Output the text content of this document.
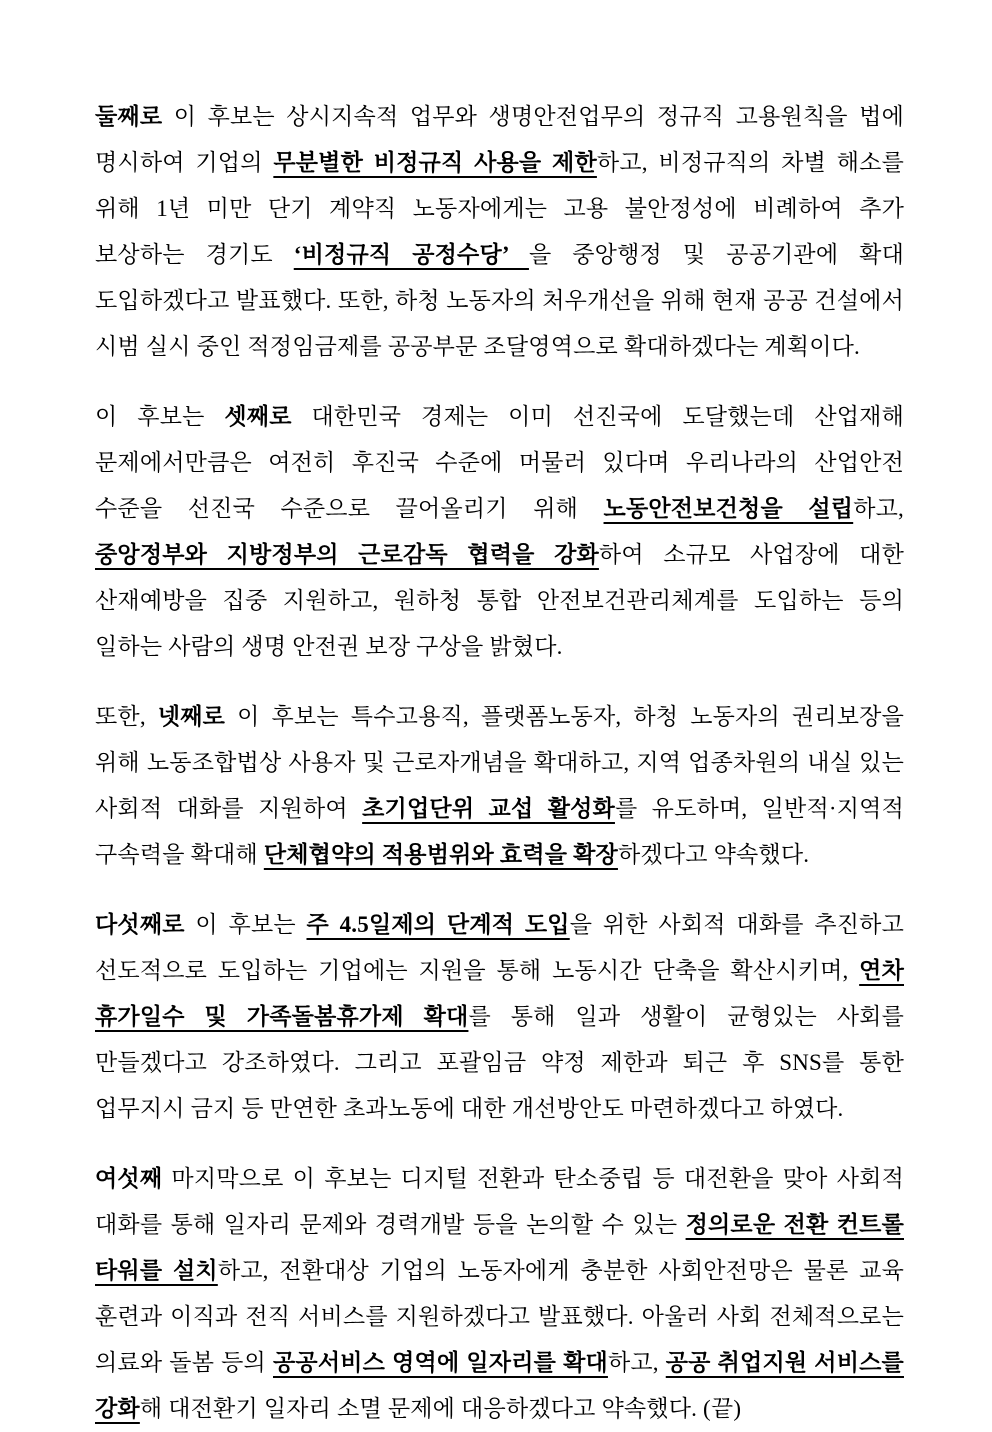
둘째로 이 후보는 상시지속적 업무와 생명안전업무의 정규직 고용원칙을 법에 명시하여 기업의 무분별한 비정규직 사용을 제한하고, 비정규직의 차별 해소를 위해 1년 미만 단기 계약직 노동자에게는 고용 불안정성에 비례하여 추가 보상하는 경기도 ‘비정규직 공정수당’ 을 중앙행정 및 공공기관에 확대 도입하겠다고 발표했다. 또한, 하청 노동자의 처우개선을 위해 현재 공공 건설에서 시범 실시 중인 적정임금제를 공공부문 조달영역으로 확대하겠다는 계획이다.

이 후보는 셋째로 대한민국 경제는 이미 선진국에 도달했는데 산업재해 문제에서만큼은 여전히 후진국 수준에 머물러 있다며 우리나라의 산업안전 수준을 선진국 수준으로 끌어올리기 위해 노동안전보건청을 설립하고, 중앙정부와 지방정부의 근로감독 협력을 강화하여 소규모 사업장에 대한 산재예방을 집중 지원하고, 원하청 통합 안전보건관리체계를 도입하는 등의 일하는 사람의 생명 안전권 보장 구상을 밝혔다.

또한, 넷째로 이 후보는 특수고용직, 플랫폼노동자, 하청 노동자의 권리보장을 위해 노동조합법상 사용자 및 근로자개념을 확대하고, 지역 업종차원의 내실 있는 사회적 대화를 지원하여 초기업단위 교섭 활성화를 유도하며, 일반적·지역적 구속력을 확대해 단체협약의 적용범위와 효력을 확장하겠다고 약속했다.

다섯째로 이 후보는 주 4.5일제의 단계적 도입을 위한 사회적 대화를 추진하고 선도적으로 도입하는 기업에는 지원을 통해 노동시간 단축을 확산시키며, 연차 휴가일수 및 가족돌봄휴가제 확대를 통해 일과 생활이 균형있는 사회를 만들겠다고 강조하였다. 그리고 포괄임금 약정 제한과 퇴근 후 SNS를 통한 업무지시 금지 등 만연한 초과노동에 대한 개선방안도 마련하겠다고 하였다.

여섯째 마지막으로 이 후보는 디지털 전환과 탄소중립 등 대전환을 맞아 사회적 대화를 통해 일자리 문제와 경력개발 등을 논의할 수 있는 정의로운 전환 컨트롤 타워를 설치하고, 전환대상 기업의 노동자에게 충분한 사회안전망은 물론 교육 훈련과 이직과 전직 서비스를 지원하겠다고 발표했다. 아울러 사회 전체적으로는 의료와 돌봄 등의 공공서비스 영역에 일자리를 확대하고, 공공 취업지원 서비스를 강화해 대전환기 일자리 소멸 문제에 대응하겠다고 약속했다. (끝)
